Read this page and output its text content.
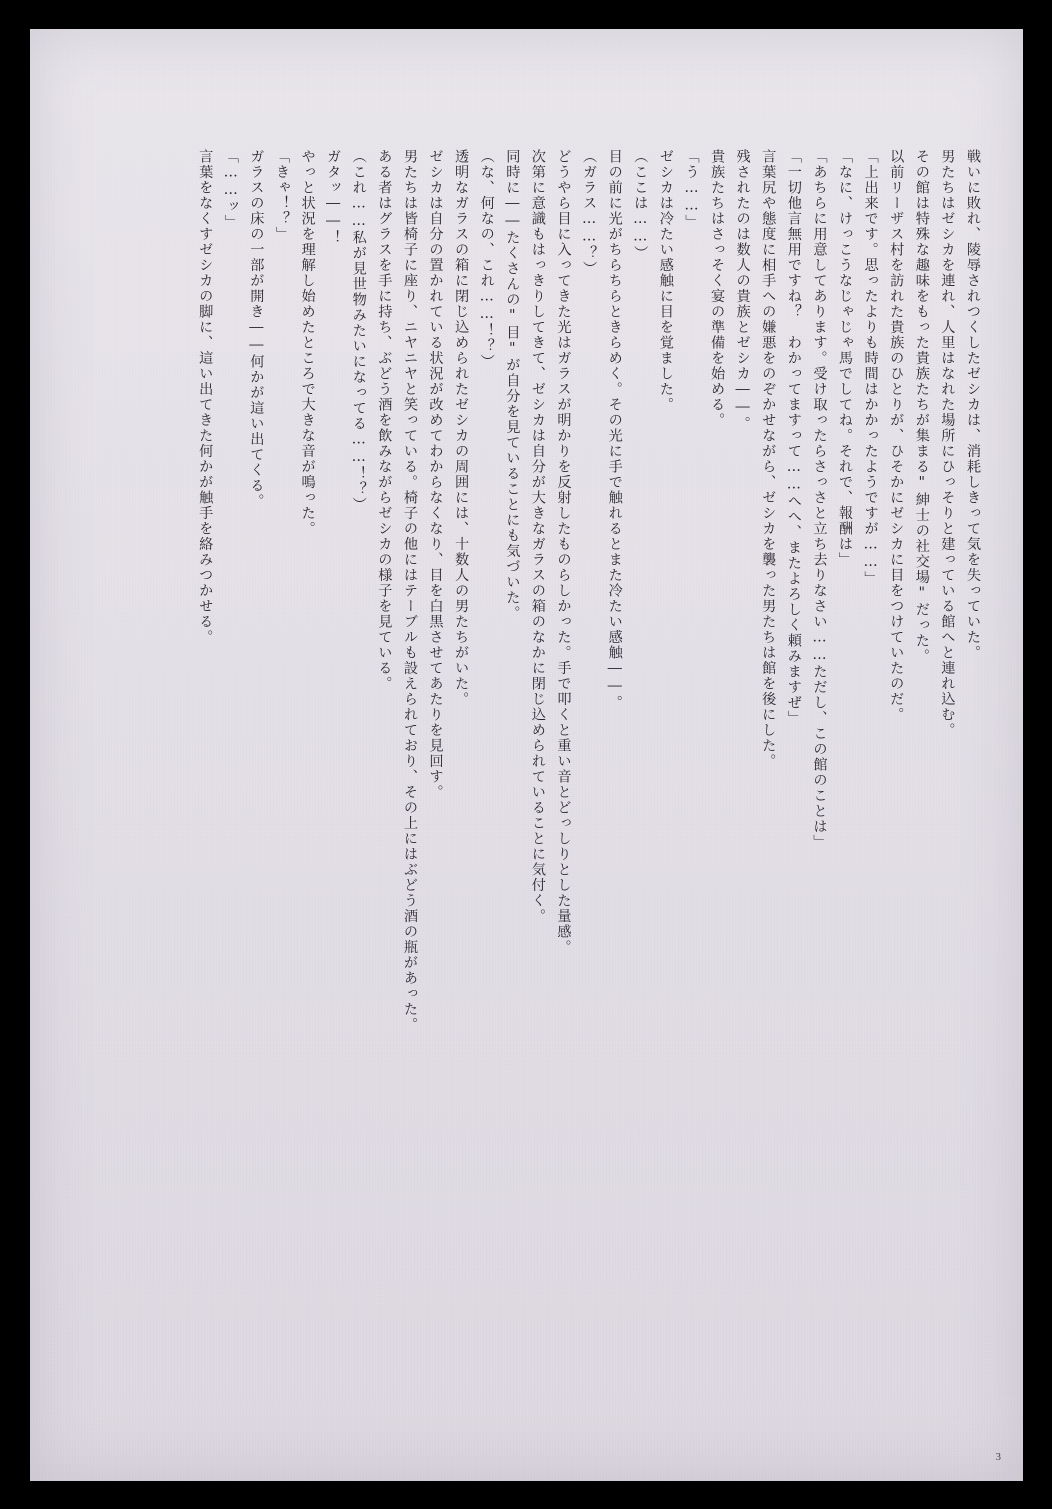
戦いに敗れ、陵辱されつくしたゼシカは、消耗しきって気を失っていた。

男たちはゼシカを連れ、人里はなれた場所にひっそりと建っている館へと連れ込む。

その館は特殊な趣味をもった貴族たちが集まる"紳士の社交場"だった。

以前リーザス村を訪れた貴族のひとりが、ひそかにゼシカに目をつけていたのだ。

「上出来です。思ったよりも時間はかかったようですが……」

「なに、けっこうなじゃじゃ馬でしてね。それで、報酬は」

「あちらに用意してあります。受け取ったらさっさと立ち去りなさい……ただし、この館のことは」

「一切他言無用ですね？　わかってますって……へへ、またよろしく頼みますぜ」

言葉尻や態度に相手への嫌悪をのぞかせながら、ゼシカを襲った男たちは館を後にした。

残されたのは数人の貴族とゼシカ――。

貴族たちはさっそく宴の準備を始める。

「う……」

ゼシカは冷たい感触に目を覚ました。

（ここは……）

目の前に光がちらちらときらめく。その光に手で触れるとまた冷たい感触――。

（ガラス……？）

どうやら目に入ってきた光はガラスが明かりを反射したものらしかった。手で叩くと重い音とどっしりとした量感。

次第に意識もはっきりしてきて、ゼシカは自分が大きなガラスの箱のなかに閉じ込められていることに気付く。

同時に――たくさんの"目"が自分を見ていることにも気づいた。

（な、何なの、これ……！？）

透明なガラスの箱に閉じ込められたゼシカの周囲には、十数人の男たちがいた。

ゼシカは自分の置かれている状況が改めてわからなくなり、目を白黒させてあたりを見回す。

男たちは皆椅子に座り、ニヤニヤと笑っている。椅子の他にはテーブルも設えられており、その上にはぶどう酒の瓶があった。

ある者はグラスを手に持ち、ぶどう酒を飲みながらゼシカの様子を見ている。

（これ……私が見世物みたいになってる……！？）

ガタッ――！

やっと状況を理解し始めたところで大きな音が鳴った。

「きゃ！？」

ガラスの床の一部が開き――何かが這い出てくる。

「……ッ」

言葉をなくすゼシカの脚に、這い出てきた何かが触手を絡みつかせる。

3
